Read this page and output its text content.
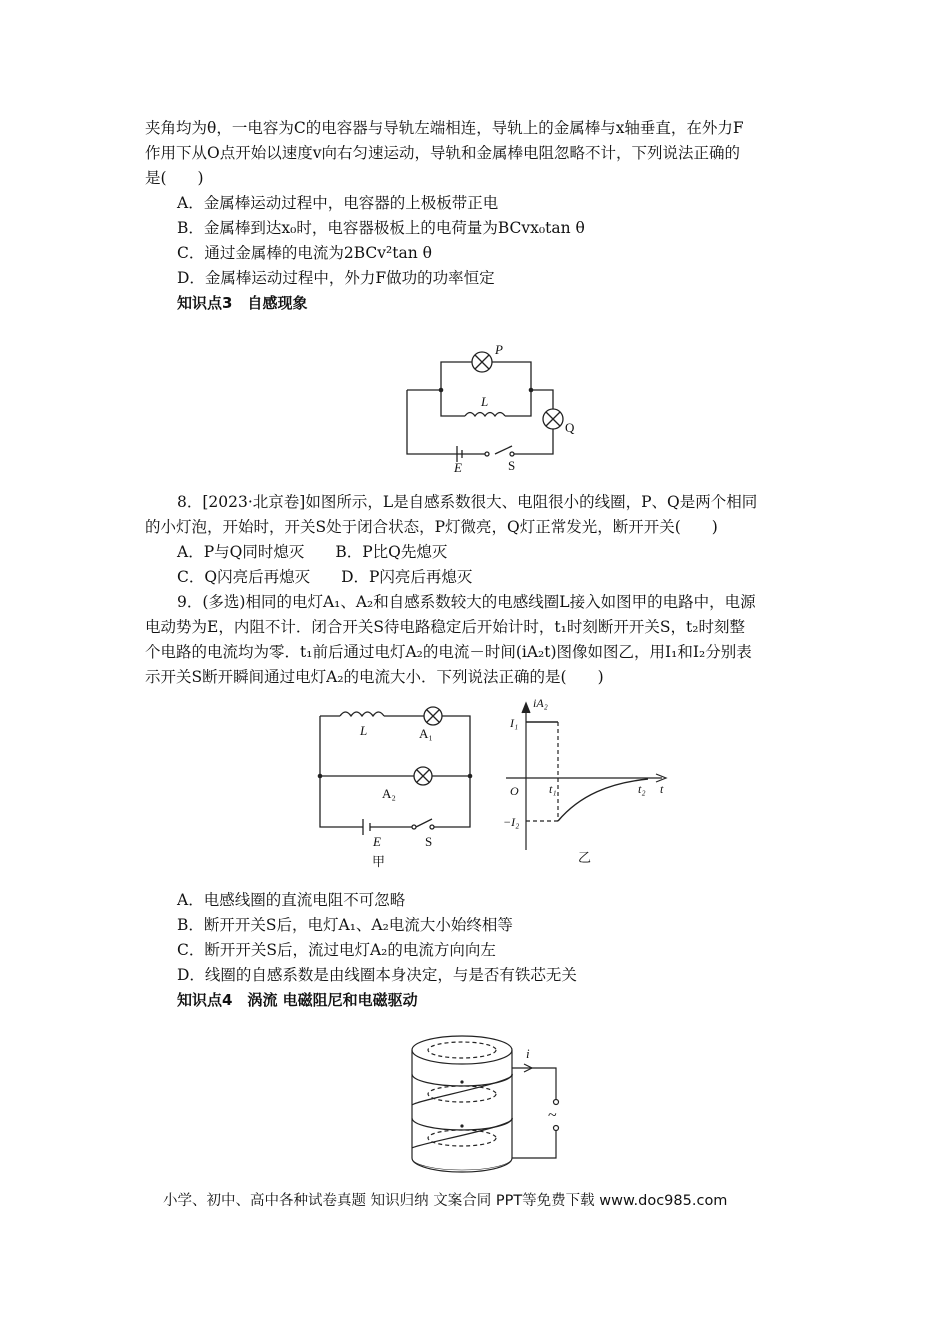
夹角均为θ，一电容为C的电容器与导轨左端相连，导轨上的金属棒与x轴垂直，在外力F
作用下从O点开始以速度v向右匀速运动，导轨和金属棒电阻忽略不计，下列说法正确的
是(　　)
A．金属棒运动过程中，电容器的上极板带正电
B．金属棒到达x₀时，电容器极板上的电荷量为BCvx₀tan θ
C．通过金属棒的电流为2BCv²tan θ
D．金属棒运动过程中，外力F做功的功率恒定
知识点3　自感现象
P
L
E
Q
S
8．[2023·北京卷]如图所示，L是自感系数很大、电阻很小的线圈，P、Q是两个相同
的小灯泡，开始时，开关S处于闭合状态，P灯微亮，Q灯正常发光，断开开关(　　)
A．P与Q同时熄灭　　B．P比Q先熄灭
C．Q闪亮后再熄灭　　D．P闪亮后再熄灭
9．(多选)相同的电灯A₁、A₂和自感系数较大的电感线圈L接入如图甲的电路中，电源
电动势为E，内阻不计．闭合开关S待电路稳定后开始计时，t₁时刻断开开关S，t₂时刻整
个电路的电流均为零．t₁前后通过电灯A₂的电流－时间(iA₂t)图像如图乙，用I₁和I₂分别表
示开关S断开瞬间通过电灯A₂的电流大小．下列说法正确的是(　　)
L	A₁
A₂
E	S
甲
iA₂
I₁
O	t₁
−I₂
t₂ t
乙
A．电感线圈的直流电阻不可忽略
B．断开开关S后，电灯A₁、A₂电流大小始终相等
C．断开开关S后，流过电灯A₂的电流方向向左
D．线圈的自感系数是由线圈本身决定，与是否有铁芯无关
知识点4　涡流 电磁阻尼和电磁驱动
i
~
小学、初中、高中各种试卷真题 知识归纳 文案合同 PPT等免费下载 www.doc985.com
